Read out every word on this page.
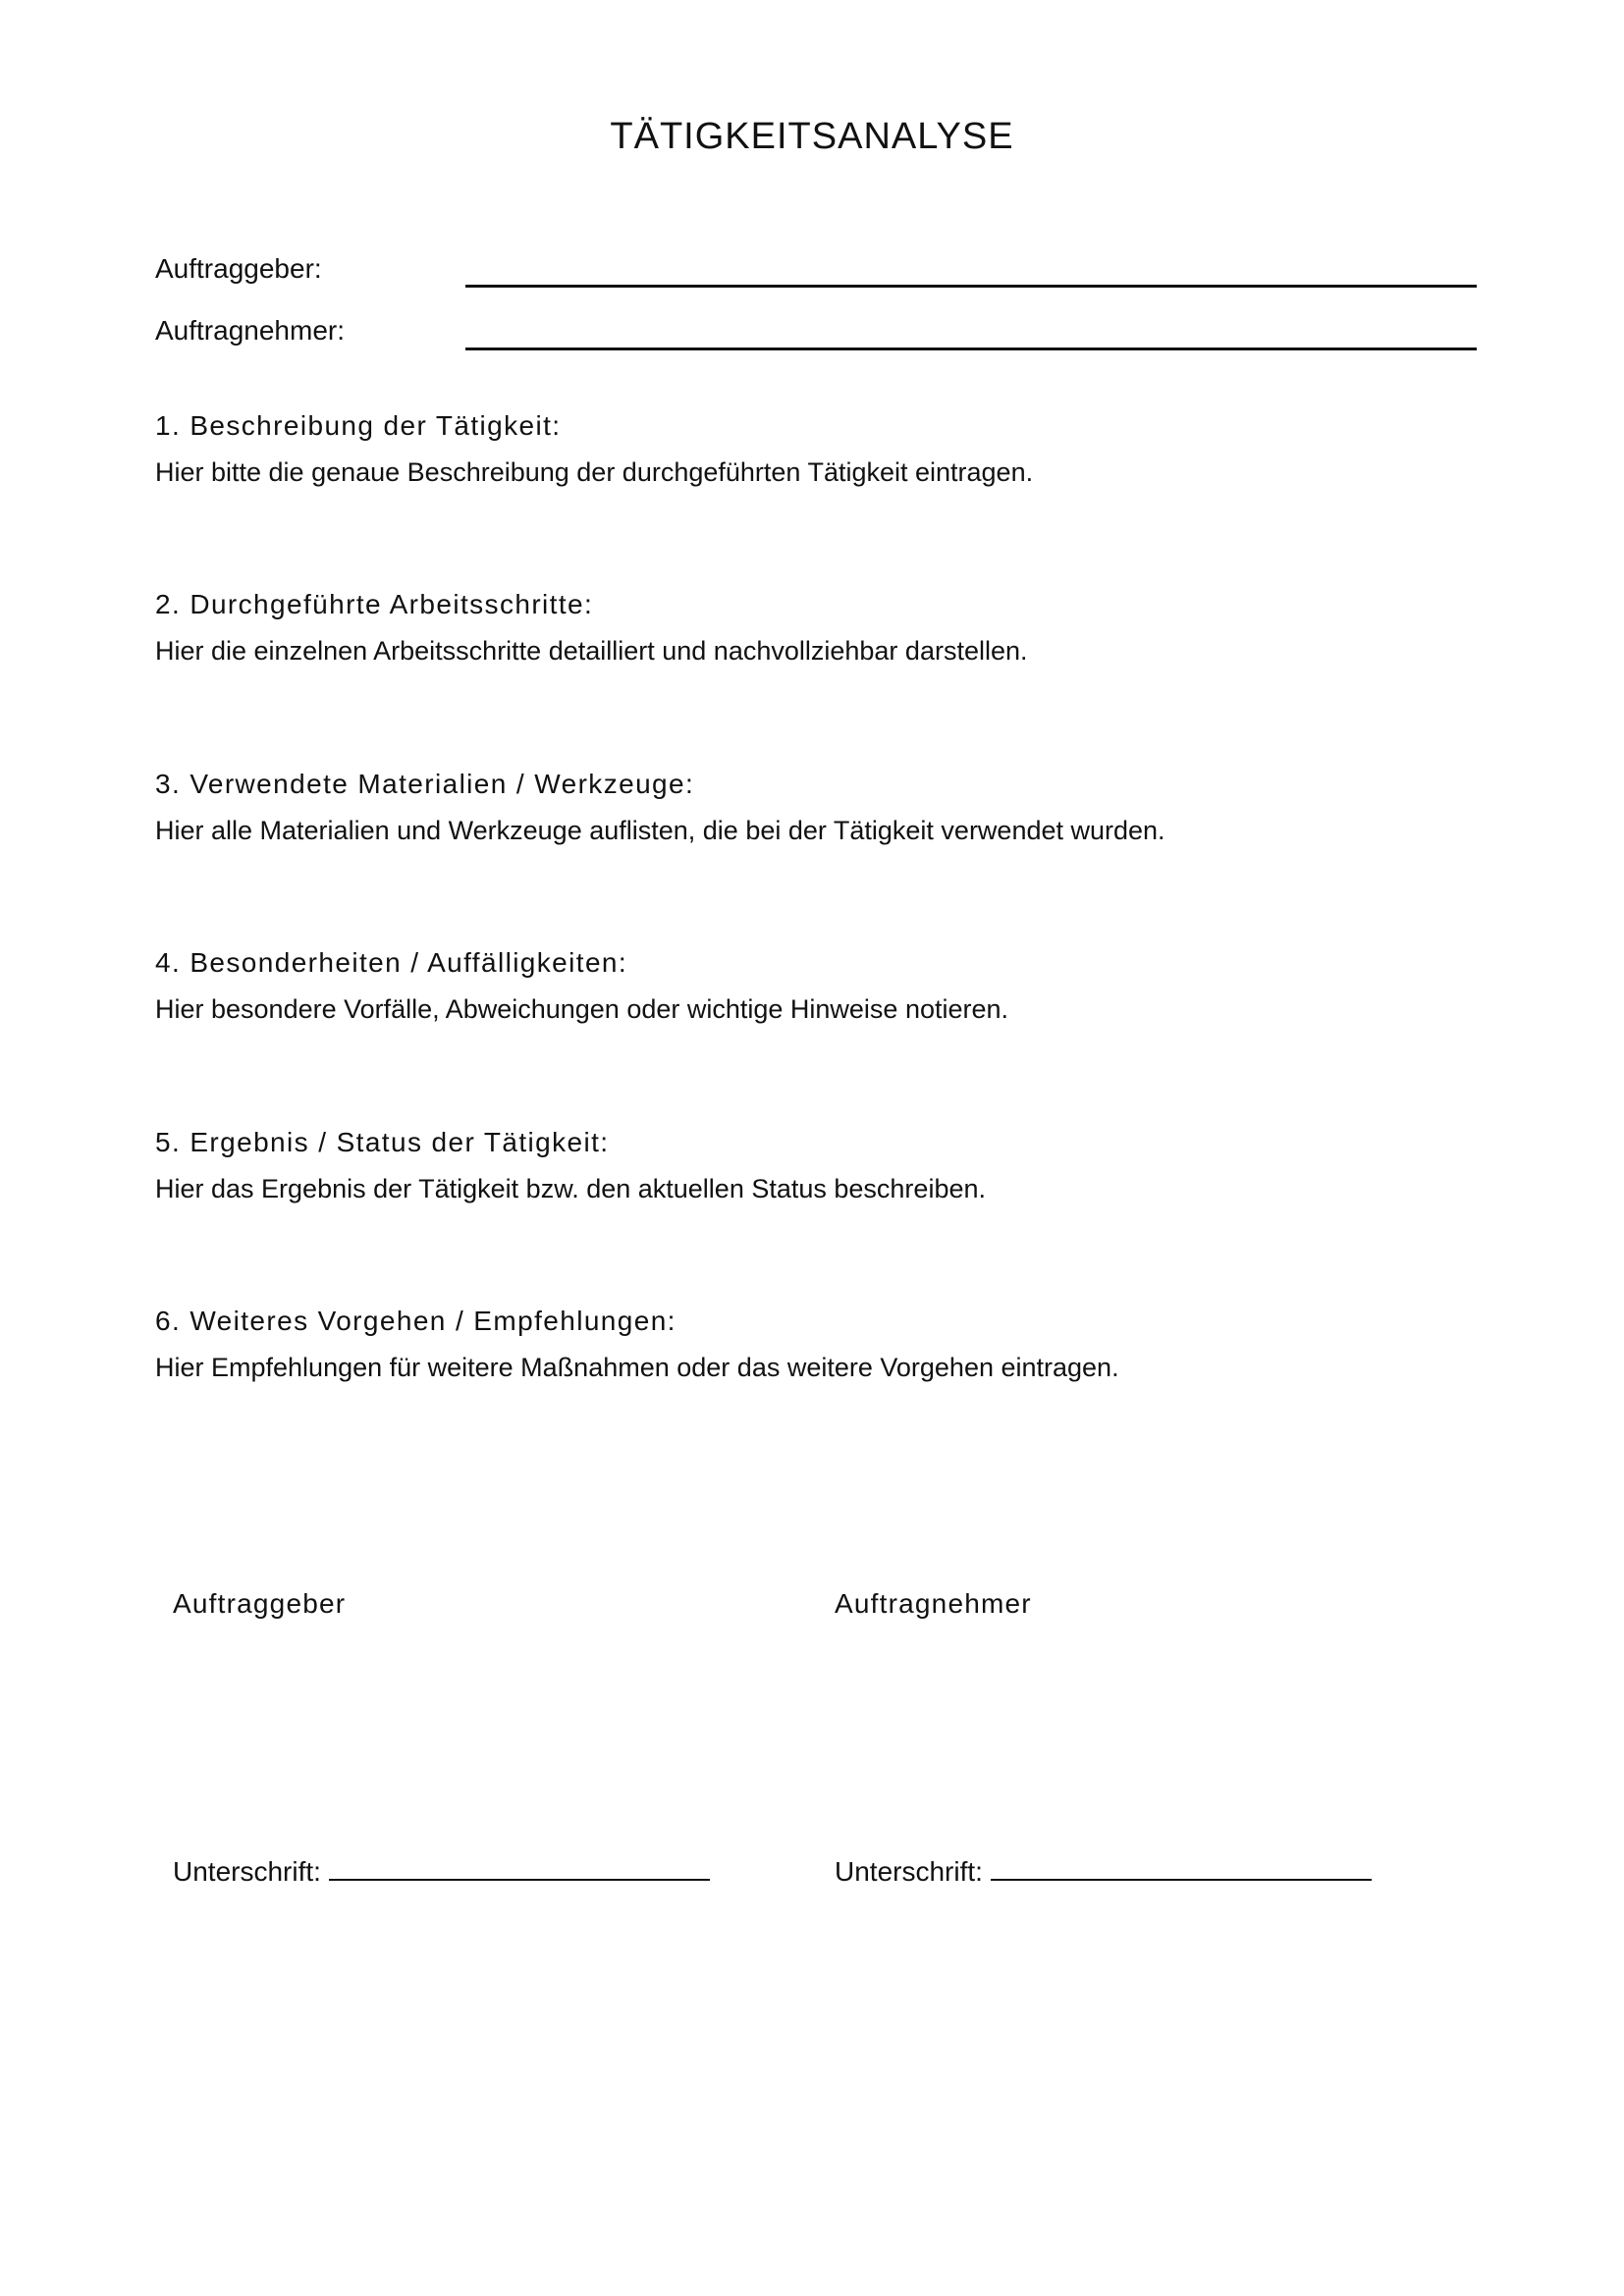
TÄTIGKEITSANALYSE
Auftraggeber:
Auftragnehmer:
1. Beschreibung der Tätigkeit:
Hier bitte die genaue Beschreibung der durchgeführten Tätigkeit eintragen.
2. Durchgeführte Arbeitsschritte:
Hier die einzelnen Arbeitsschritte detailliert und nachvollziehbar darstellen.
3. Verwendete Materialien / Werkzeuge:
Hier alle Materialien und Werkzeuge auflisten, die bei der Tätigkeit verwendet wurden.
4. Besonderheiten / Auffälligkeiten:
Hier besondere Vorfälle, Abweichungen oder wichtige Hinweise notieren.
5. Ergebnis / Status der Tätigkeit:
Hier das Ergebnis der Tätigkeit bzw. den aktuellen Status beschreiben.
6. Weiteres Vorgehen / Empfehlungen:
Hier Empfehlungen für weitere Maßnahmen oder das weitere Vorgehen eintragen.
Auftraggeber	Auftragnehmer
Unterschrift:	Unterschrift:
